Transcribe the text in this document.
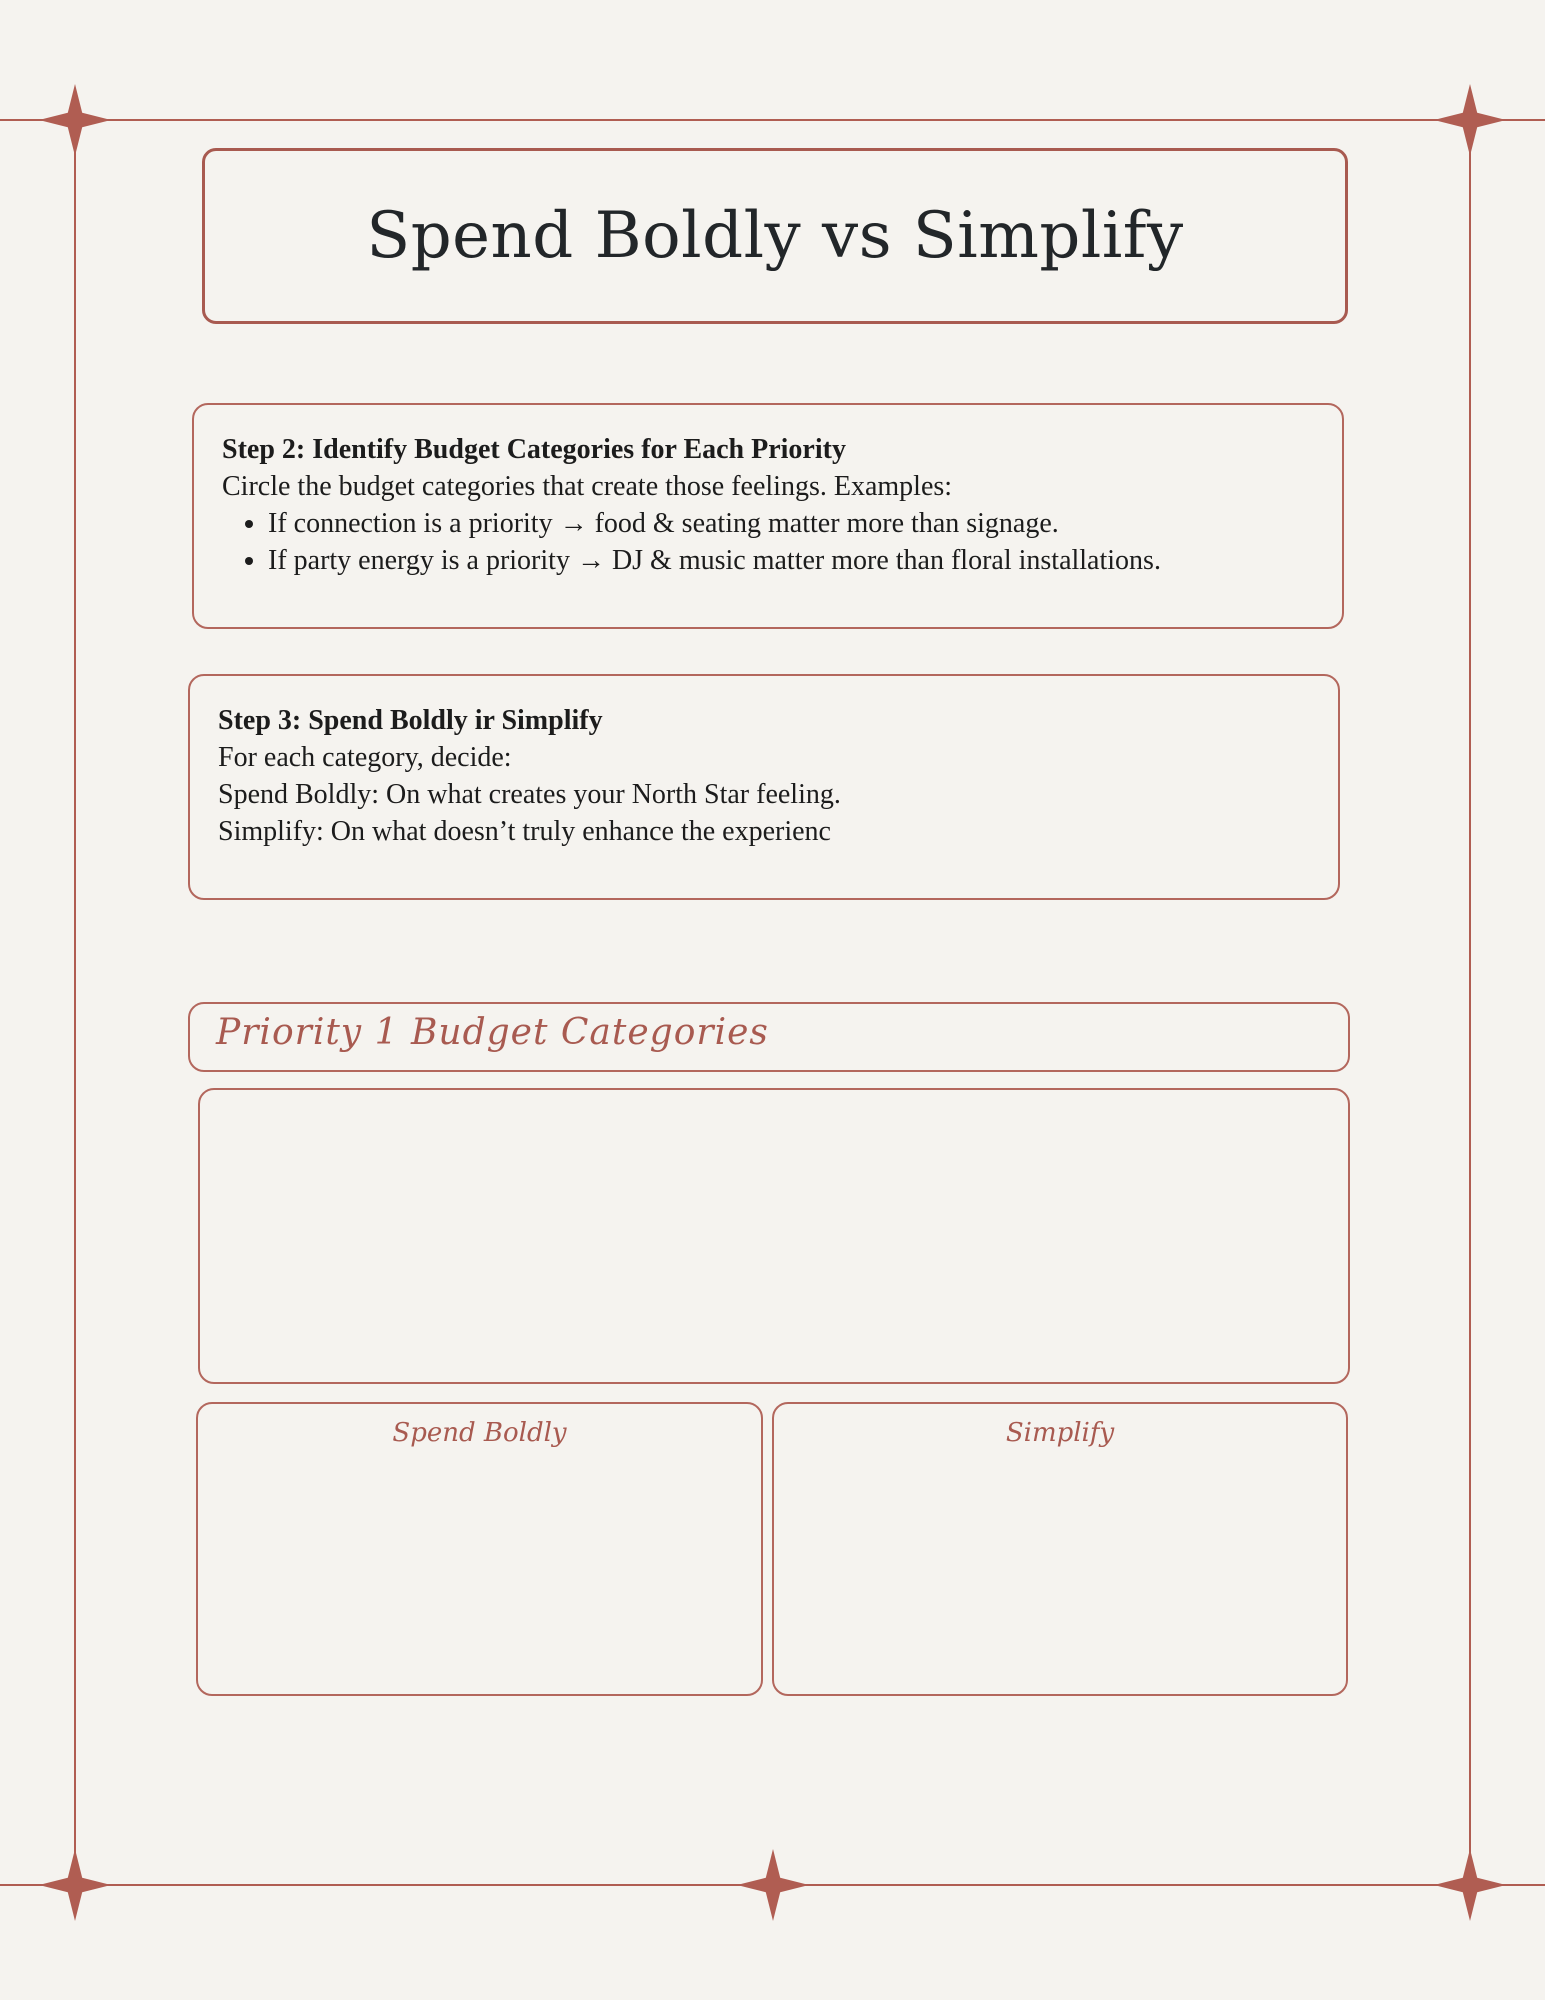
Spend Boldly vs Simplify
Step 2: Identify Budget Categories for Each Priority
Circle the budget categories that create those feelings. Examples:
• If connection is a priority → food & seating matter more than signage.
• If party energy is a priority → DJ & music matter more than floral installations.
Step 3: Spend Boldly ir Simplify
For each category, decide:
Spend Boldly: On what creates your North Star feeling.
Simplify: On what doesn’t truly enhance the experienc
Priority 1 Budget Categories
Spend Boldly	Simplify
